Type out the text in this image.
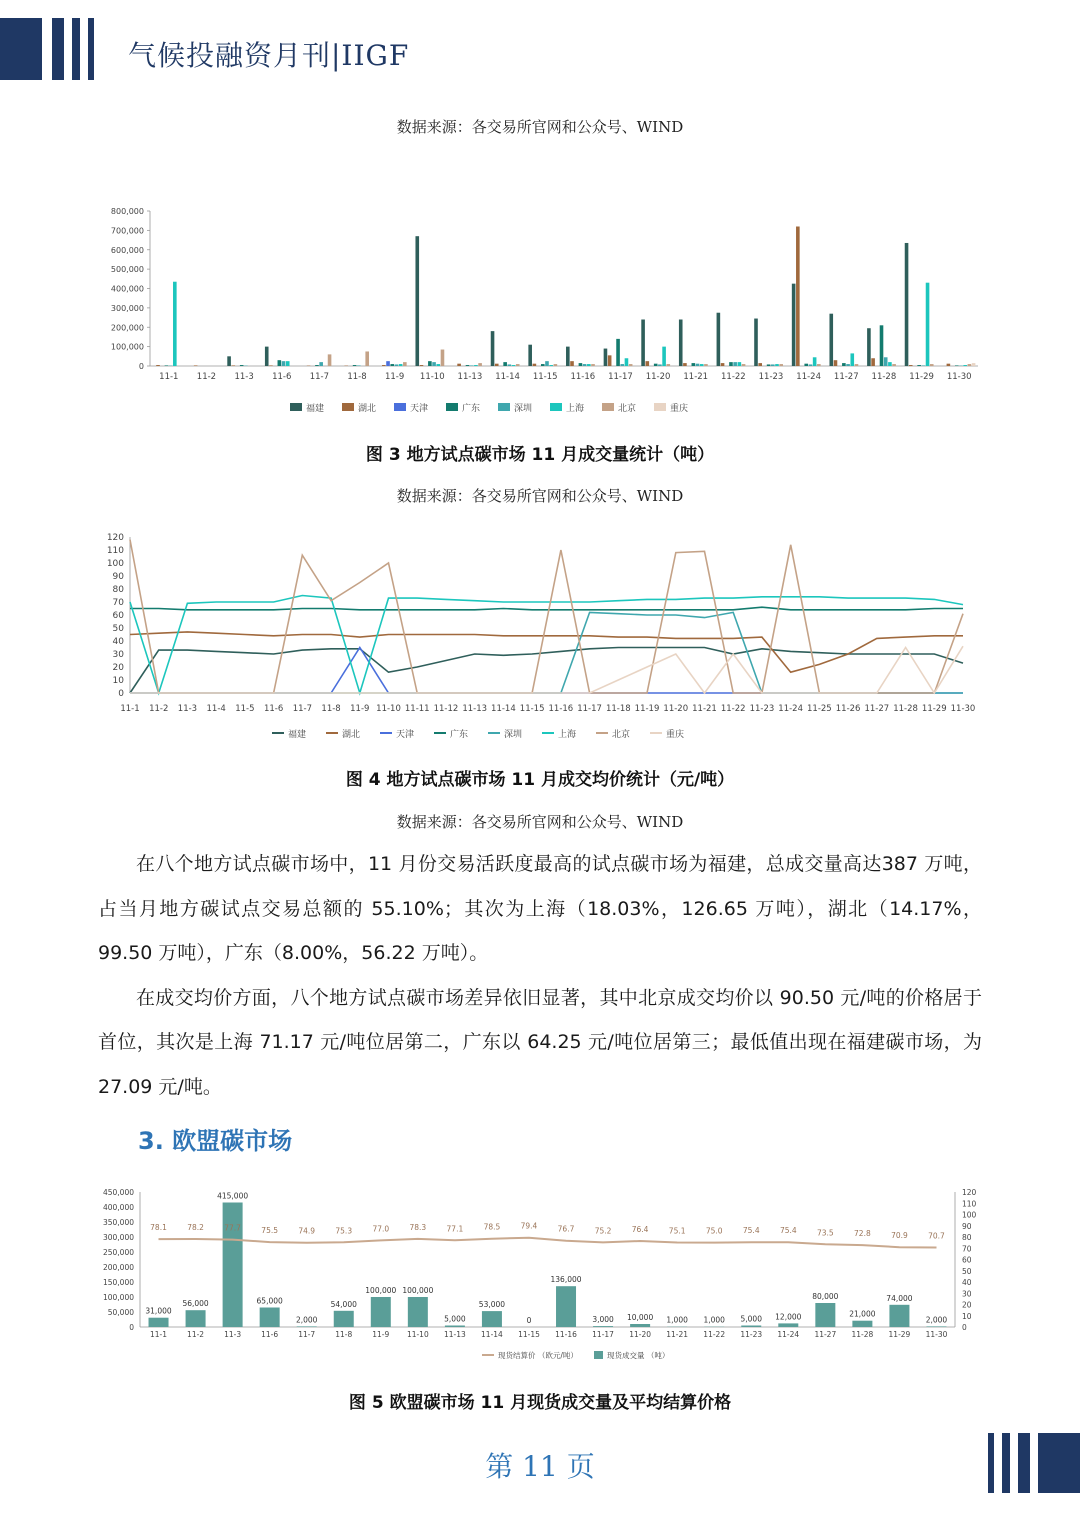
气候投融资月刊|IIGF
数据来源：各交易所官网和公众号、WIND
0
100,000
200,000
300,000
400,000
500,000
600,000
700,000
800,000
11-1 11-2 11-3 11-6 11-7 11-8 11-9 11-10 11-13 11-14 11-15 11-16 11-17 11-20 11-21 11-22 11-23 11-24 11-27 11-28 11-29 11-30
福建	湖北	天津	广东	深圳	上海	北京	重庆
图 3 地方试点碳市场 11 月成交量统计（吨）
数据来源：各交易所官网和公众号、WIND
0
10
20
30
40
50
60
70
80
90
100
110
120
11-1 11-2 11-3 11-4 11-5 11-6 11-7 11-8 11-9 11-10 11-11 11-12 11-13 11-14 11-15 11-16 11-17 11-18 11-19 11-20 11-21 11-22 11-23 11-24 11-25 11-26 11-27 11-28 11-29 11-30
福建	湖北	天津	广东	深圳	上海	北京	重庆
图 4 地方试点碳市场 11 月成交均价统计（元/吨）
数据来源：各交易所官网和公众号、WIND

在八个地方试点碳市场中，11 月份交易活跃度最高的试点碳市场为福建，总成交量高达387 万吨，占当月地方碳试点交易总额的 55.10%；其次为上海（18.03%，126.65 万吨），湖北（14.17%，99.50 万吨），广东（8.00%，56.22 万吨）。

在成交均价方面，八个地方试点碳市场差异依旧显著，其中北京成交均价以 90.50 元/吨的价格居于首位，其次是上海 71.17 元/吨位居第二，广东以 64.25 元/吨位居第三；最低值出现在福建碳市场，为 27.09 元/吨。

3. 欧盟碳市场
0
50,000
100,000
150,000
200,000
250,000
300,000
350,000
400,000
450,000
0
10
20
30
40
50
60
70
80
90
100
110
120
11-1	11-2	11-3	11-6	11-7	11-8	11-9 11-10 11-13 11-14 11-15 11-16 11-17 11-20 11-21 11-22 11-23 11-24 11-27 11-28 11-29 11-30
31,000
56,000
415,000
65,000
2,000
54,000
100,000 100,000
5,000
53,000
0
136,000
3,000 10,000 1,000 1,000 5,000 12,000
80,000
21,000
74,000
2,000
78.1	78.2	77.7	75.5	74.9	75.3	77.0	78.3	77.1	78.5	79.4	76.7	75.2	76.4	75.1	75.0	75.4	75.4	73.5	72.8	70.9	70.7
现货结算价 （欧元/吨）	现货成交量 （吨）
图 5 欧盟碳市场 11 月现货成交量及平均结算价格
第 11 页
